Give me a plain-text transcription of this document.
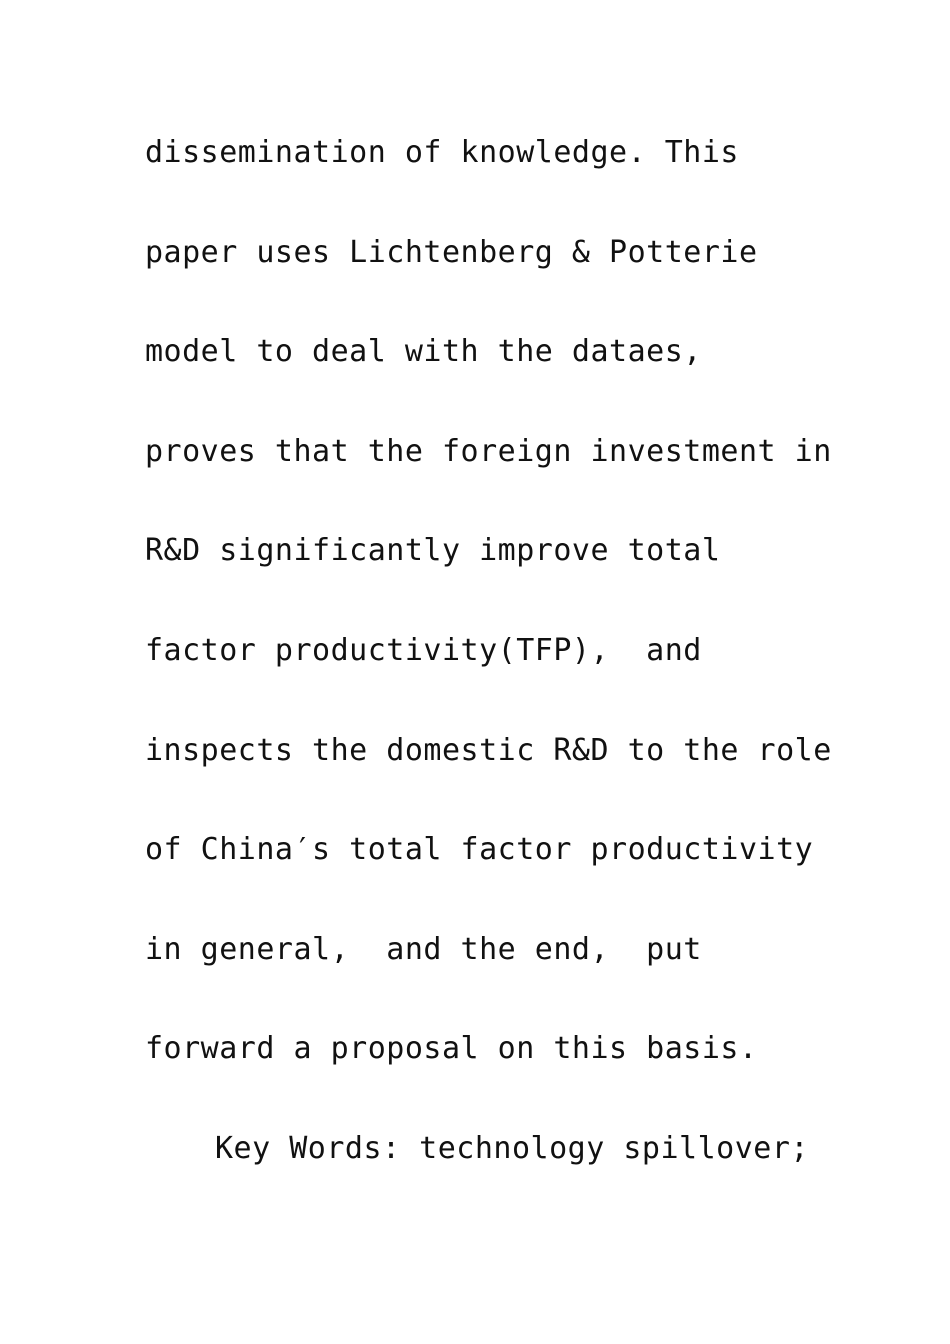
dissemination of knowledge. This
paper uses Lichtenberg & Potterie
model to deal with the dataes,
proves that the foreign investment in
R&D significantly improve total
factor productivity(TFP),  and
inspects the domestic R&D to the role
of China′s total factor productivity
in general,  and the end,  put
forward a proposal on this basis.
Key Words: technology spillover;
